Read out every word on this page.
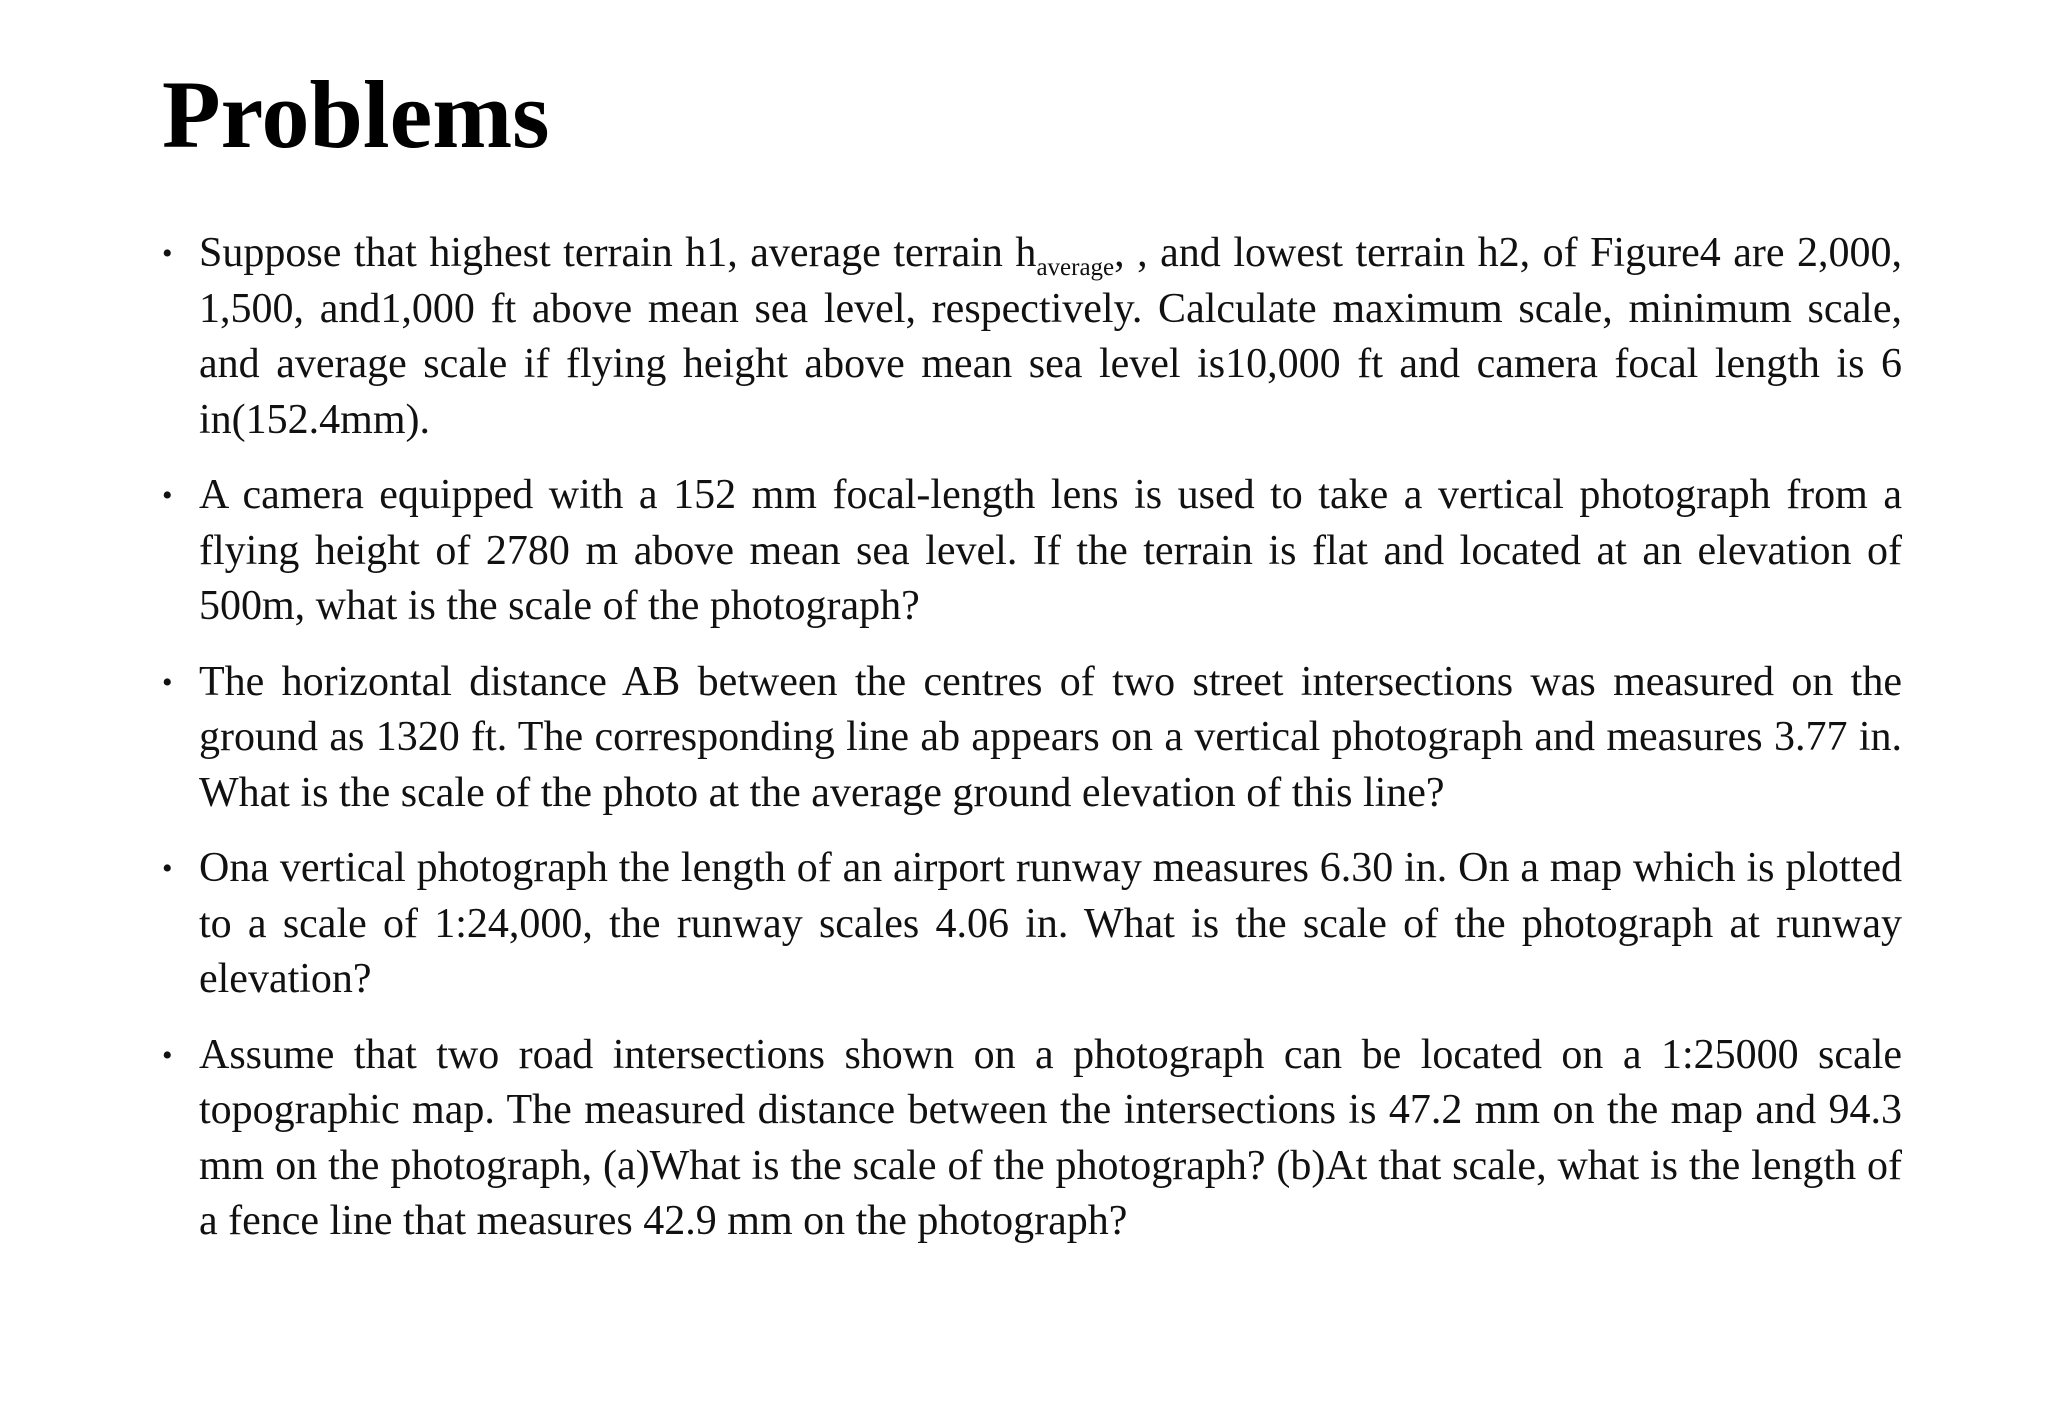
Problems
• Suppose that highest terrain h1, average terrain $h_{average}$, , and lowest terrain h2, of Figure4 are 2,000, 1,500, and1,000 ft above mean sea level, respectively. Calculate maximum scale, minimum scale, and average scale if flying height above mean sea level is10,000 ft and camera focal length is 6 in(152.4mm).
• A camera equipped with a 152 mm focal-length lens is used to take a vertical photograph from a flying height of 2780 m above mean sea level. If the terrain is flat and located at an elevation of 500m, what is the scale of the photograph?
• The horizontal distance AB between the centres of two street intersections was measured on the ground as 1320 ft. The corresponding line ab appears on a vertical photograph and measures 3.77 in. What is the scale of the photo at the average ground elevation of this line?
• Ona vertical photograph the length of an airport runway measures 6.30 in. On a map which is plotted to a scale of 1:24,000, the runway scales 4.06 in. What is the scale of the photograph at runway elevation?
• Assume that two road intersections shown on a photograph can be located on a 1:25000 scale topographic map. The measured distance between the intersections is 47.2 mm on the map and 94.3 mm on the photograph, (a)What is the scale of the photograph? (b)At that scale, what is the length of a fence line that measures 42.9 mm on the photograph?
